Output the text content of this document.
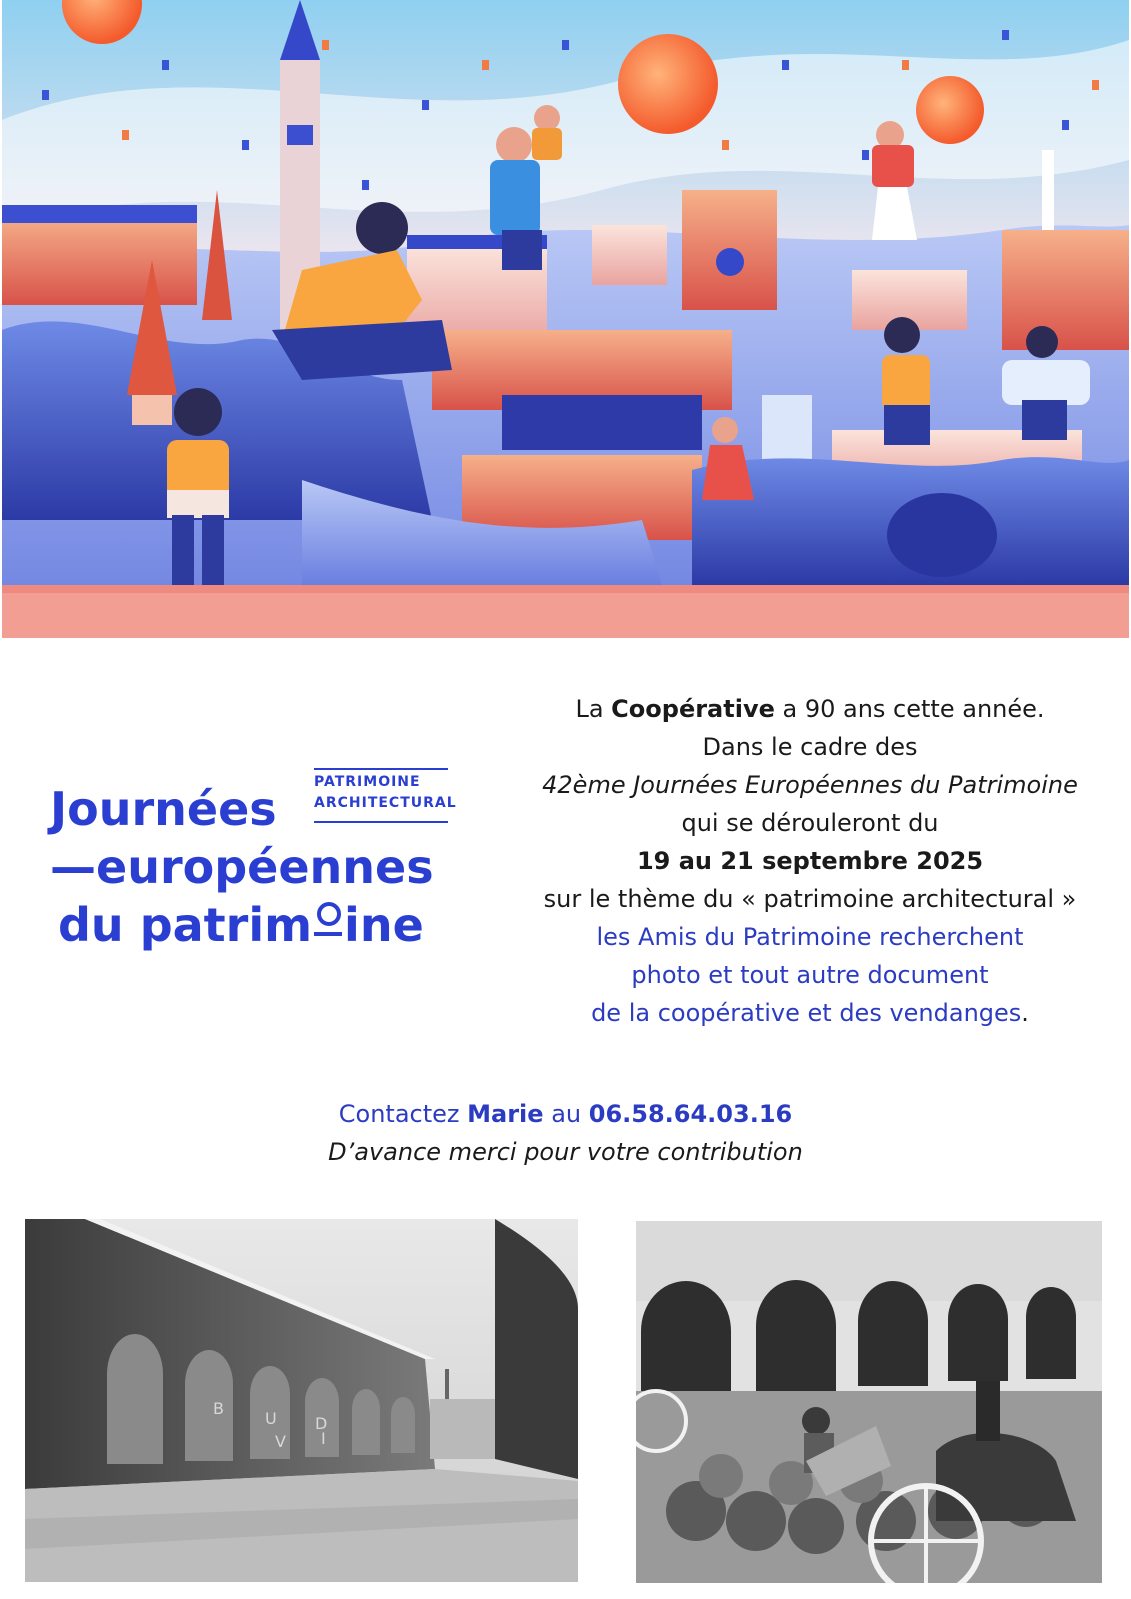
PATRIMOINE
ARCHITECTURAL
Journées
—européennes
du patrim ine
La Coopérative a 90 ans cette année.
Dans le cadre des
42ème Journées Européennes du Patrimoine
qui se dérouleront du
19 au 21 septembre 2025
sur le thème du « patrimoine architectural »
les Amis du Patrimoine recherchent
photo et tout autre document
de la coopérative et des vendanges.
Contactez Marie au 06.58.64.03.16
D’avance merci pour votre contribution
B
U
V
D
I
